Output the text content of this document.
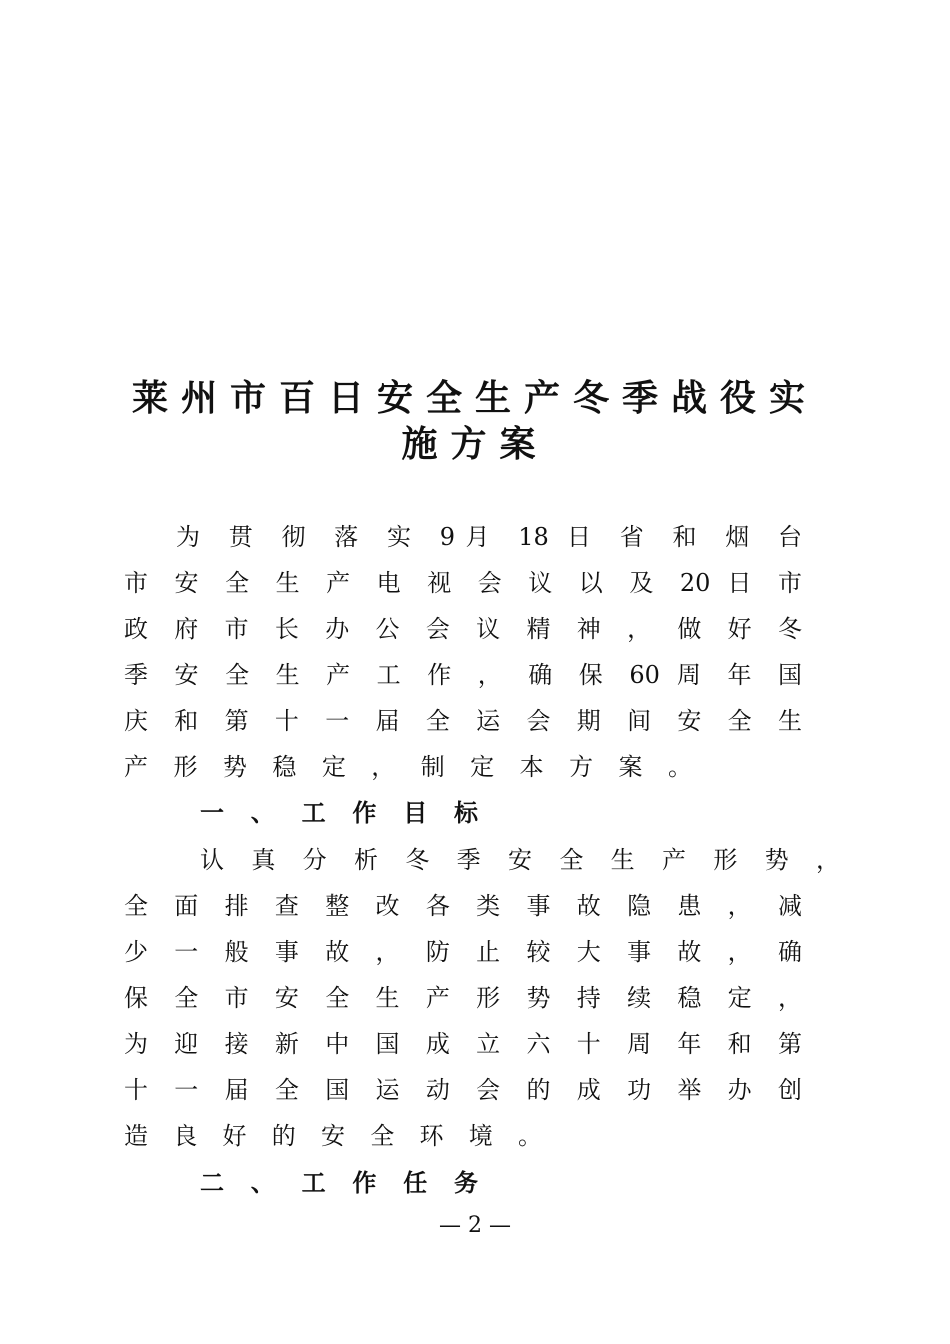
莱州市百日安全生产冬季战役实
施方案

为 贯 彻 落 实 9月 18 日 省 和 烟 台

市 安 全 生 产 电 视 会 议 以 及 20 日 市

政 府 市 长 办 公 会 议 精 神 ， 做 好 冬

季 安 全 生 产 工 作 ， 确 保 60 周 年 国

庆 和 第 十 一 届 全 运 会 期 间 安 全 生

产 形 势 稳 定 ， 制 定 本 方 案 。

一 、 工 作 目 标

认 真 分 析 冬 季 安 全 生 产 形 势 ，

全 面 排 查 整 改 各 类 事 故 隐 患 ， 减

少 一 般 事 故 ， 防 止 较 大 事 故 ， 确

保 全 市 安 全 生 产 形 势 持 续 稳 定 ，

为 迎 接 新 中 国 成 立 六 十 周 年 和 第

十 一 届 全 国 运 动 会 的 成 功 举 办 创

造 良 好 的 安 全 环 境 。

二 、 工 作 任 务
— 2 —
